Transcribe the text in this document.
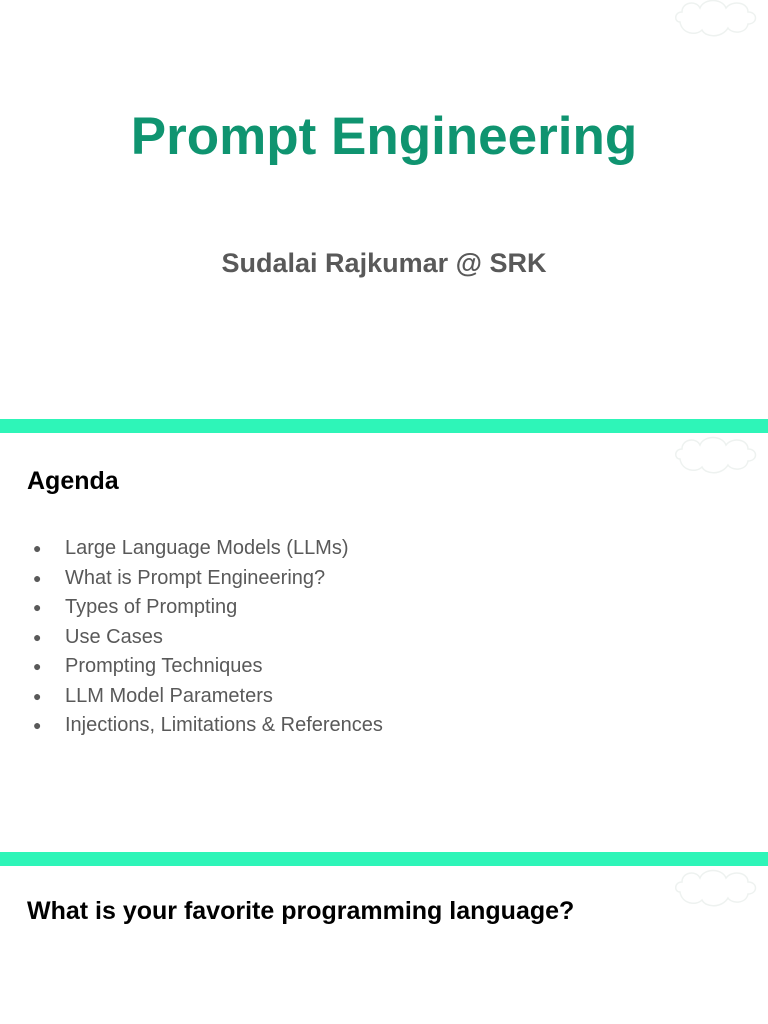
Prompt Engineering
Sudalai Rajkumar @ SRK
Agenda
● Large Language Models (LLMs)
● What is Prompt Engineering?
● Types of Prompting
● Use Cases
● Prompting Techniques
● LLM Model Parameters
● Injections, Limitations & References
What is your favorite programming language?
